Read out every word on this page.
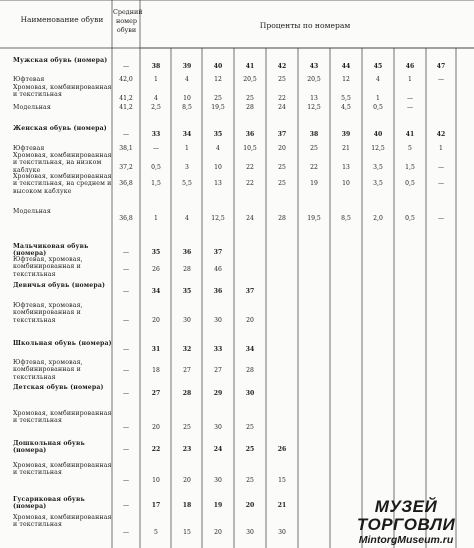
Наименование обуви
Средний номер обуви	Проценты по номерам
Мужская обувь (номера)
—	38	39	40	41	42	43	44	45	46	47
Юфтевая	42,0	1	4	12	20,5	25	20,5	12	4	1	—
Хромовая, комбинированная и текстильная
41,2	4	10	25	25	22	13	5,5	1	—
Модельная	41,2	2,5	8,5	19,5	28	24	12,5	4,5	0,5	—
Женская обувь (номера)
—	33	34	35	36	37	38	39	40	41	42
Юфтевая	38,1	—	1	4	10,5	20	25	21	12,5	5	1
Хромовая, комбинированная и текстильная, на низком каблуке	37,2	0,5	3	10	22	25	22	13	3,5	1,5	—
Хромовая, комбинированная и текстильная, на среднем и высоком каблуке
36,8	1,5	5,5	13	22	25	19	10	3,5	0,5	—
Модельная
36,8	1	4	12,5	24	28	19,5	8,5	2,0	0,5	—
Мальчиковая обувь (номера)	—	35	36	37
Юфтевая, хромовая, комбинированная и текстильная
—	26	28	46
Девичья обувь (номера)
—	34	35	36	37
Юфтевая, хромовая, комбинированная и текстильная	—	20	30	30	20
Школьная обувь (номера)
—	31	32	33	34
Юфтевая, хромовая, комбинированная и текстильная
—	18	27	27	28
Детская обувь (номера)
—	27	28	29	30
Хромовая, комбинированная и текстильная
—	20	25	30	25
Дошкольная обувь (номера)	—	22	23	24	25	26
Хромовая, комбинированная и текстильная
—	10	20	30	25	15
Гусариковая обувь (номера)	—	17	18	19	20	21
Хромовая, комбинированная и текстильная
—	5	15	20	30	30
МУЗЕЙ ТОРГОВЛИ
MintorgMuseum.ru
